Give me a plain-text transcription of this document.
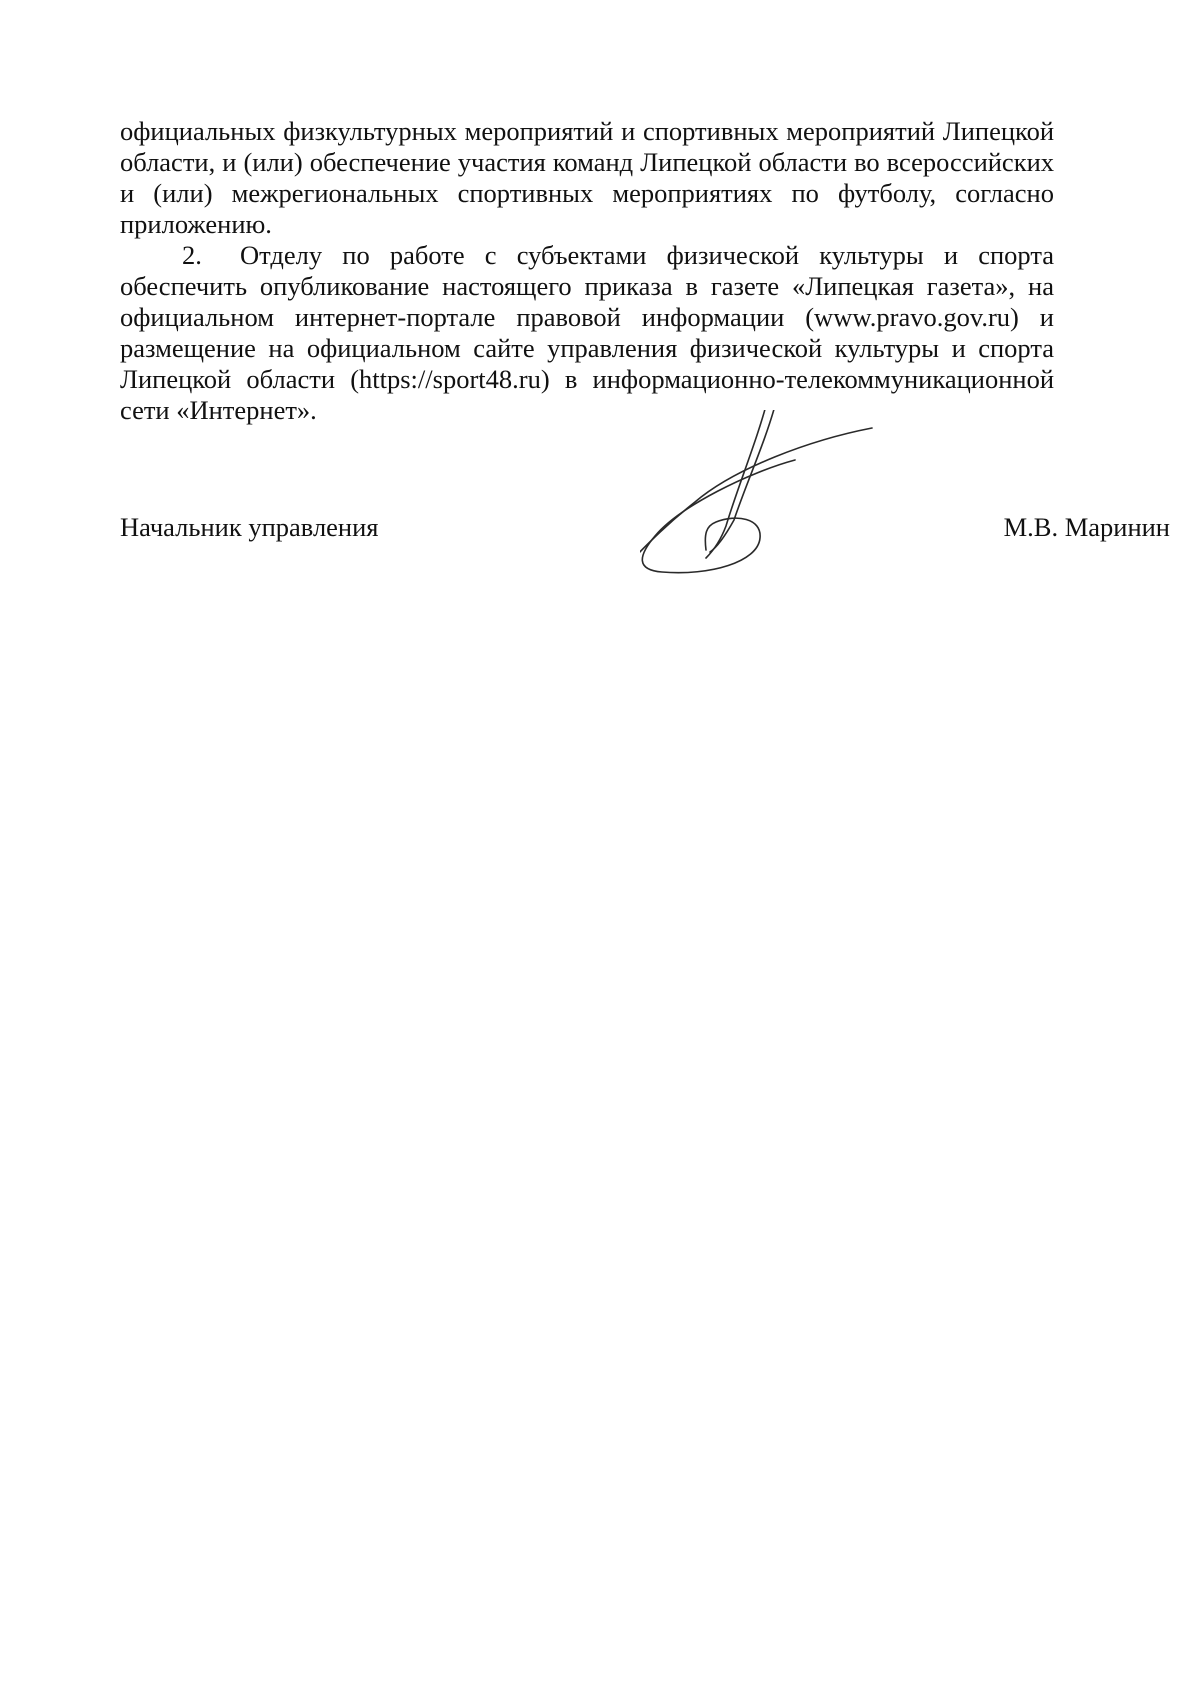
официальных физкультурных мероприятий и спортивных мероприятий Липецкой области, и (или) обеспечение участия команд Липецкой области во всероссийских и (или) межрегиональных спортивных мероприятиях по футболу, согласно приложению.

2. Отделу по работе с субъектами физической культуры и спорта обеспечить опубликование настоящего приказа в газете «Липецкая газета», на официальном интернет-портале правовой информации (www.pravo.gov.ru) и размещение на официальном сайте управления физической культуры и спорта Липецкой области (https://sport48.ru) в информационно-телекоммуникационной сети «Интернет».

Начальник управления	М.В. Маринин
